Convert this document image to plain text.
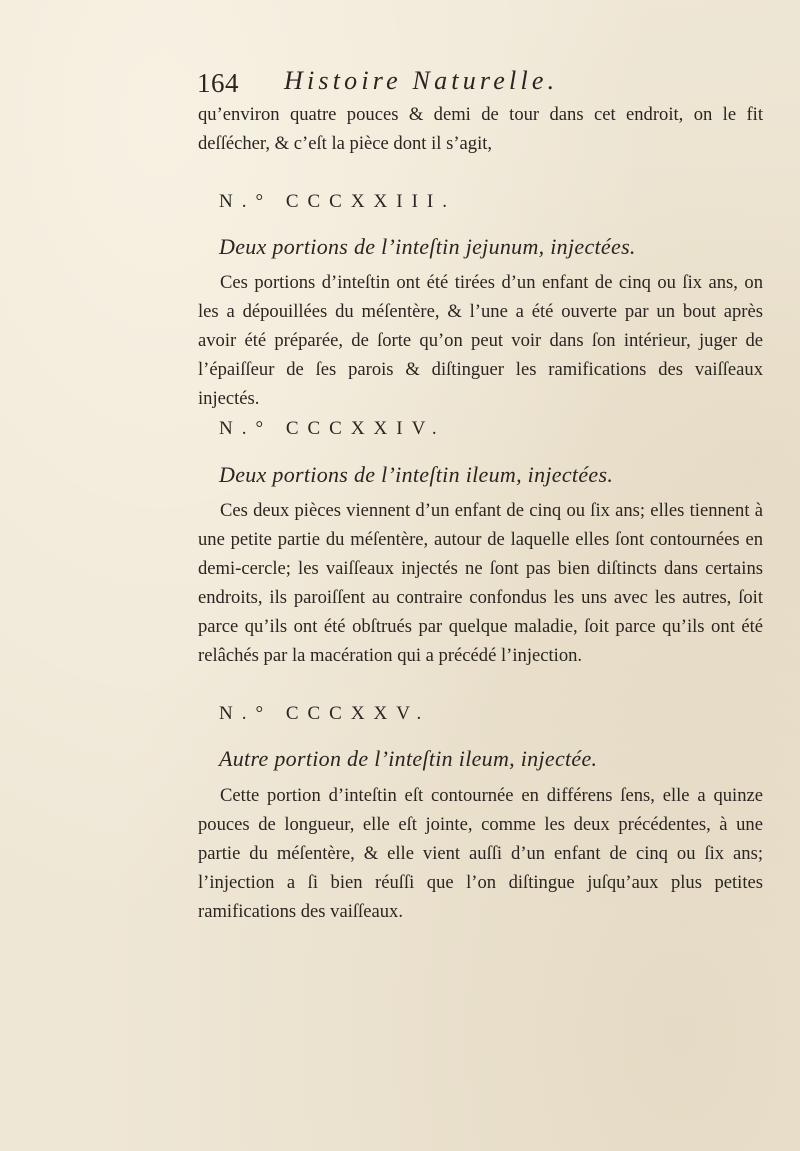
164 Histoire Naturelle.

qu’environ quatre pouces & demi de tour dans cet endroit, on le fit deſſécher, & c’eſt la pièce dont il s’agit,

N.° CCCXXIII.
Deux portions de l’inteſtin jejunum, injectées.

Ces portions d’inteſtin ont été tirées d’un enfant de cinq ou ſix ans, on les a dépouillées du méſentère, & l’une a été ouverte par un bout après avoir été préparée, de ſorte qu’on peut voir dans ſon intérieur, juger de l’épaiſſeur de ſes parois & diſtinguer les ramifications des vaiſſeaux injectés.

N.° CCCXXIV.
Deux portions de l’inteſtin ileum, injectées.

Ces deux pièces viennent d’un enfant de cinq ou ſix ans; elles tiennent à une petite partie du méſentère, autour de laquelle elles ſont contournées en demi-cercle; les vaiſſeaux injectés ne ſont pas bien diſtincts dans certains endroits, ils paroiſſent au contraire confondus les uns avec les autres, ſoit parce qu’ils ont été obſtrués par quelque maladie, ſoit parce qu’ils ont été relâchés par la macération qui a précédé l’injection.

N.° CCCXXV.
Autre portion de l’inteſtin ileum, injectée.

Cette portion d’inteſtin eſt contournée en différens ſens, elle a quinze pouces de longueur, elle eſt jointe, comme les deux précédentes, à une partie du méſentère, & elle vient auſſi d’un enfant de cinq ou ſix ans; l’injection a ſi bien réuſſi que l’on diſtingue juſqu’aux plus petites ramifications des vaiſſeaux.
